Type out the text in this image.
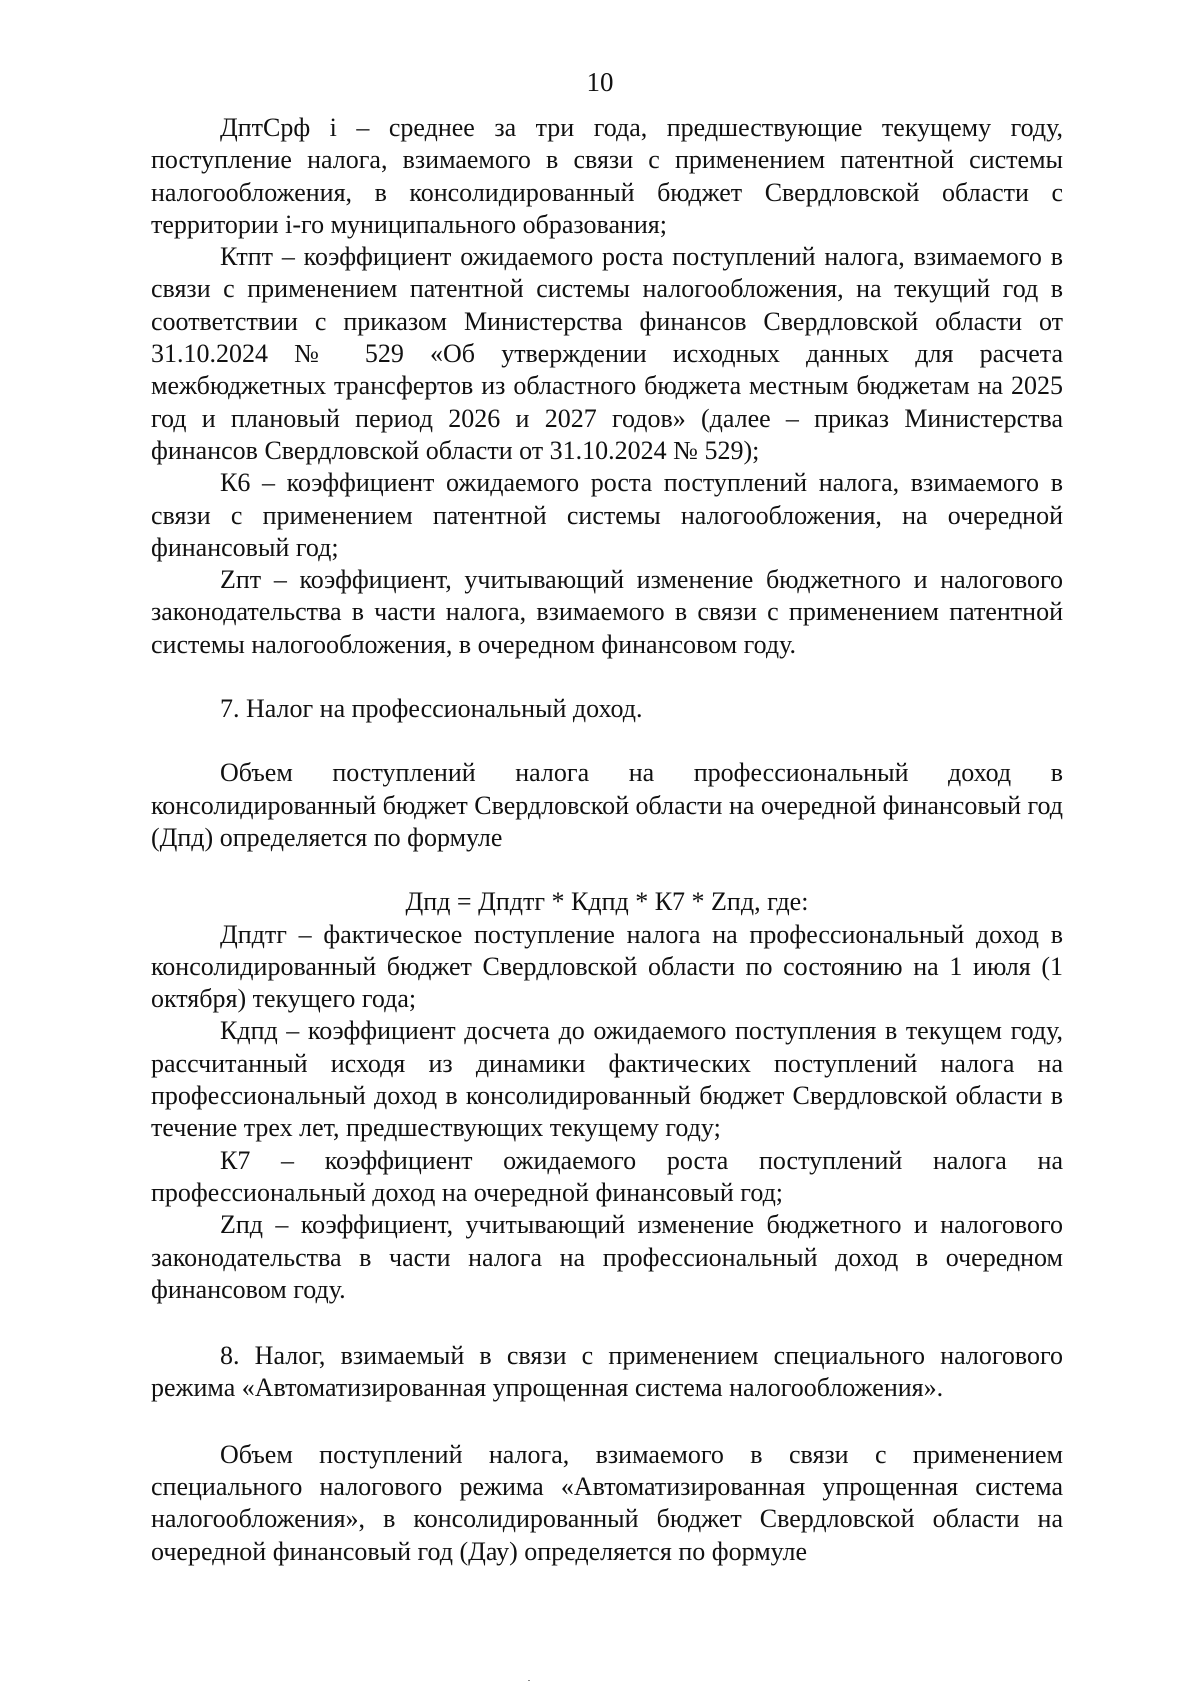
10

ДптСрф i – среднее за три года, предшествующие текущему году, поступление налога, взимаемого в связи с применением патентной системы налогообложения, в консолидированный бюджет Свердловской области с территории i-го муниципального образования;

Ктпт – коэффициент ожидаемого роста поступлений налога, взимаемого в связи с применением патентной системы налогообложения, на текущий год в соответствии с приказом Министерства финансов Свердловской области от 31.10.2024 № 529 «Об утверждении исходных данных для расчета межбюджетных трансфертов из областного бюджета местным бюджетам на 2025 год и плановый период 2026 и 2027 годов» (далее – приказ Министерства финансов Свердловской области от 31.10.2024 № 529);

К6 – коэффициент ожидаемого роста поступлений налога, взимаемого в связи с применением патентной системы налогообложения, на очередной финансовый год;

Zпт – коэффициент, учитывающий изменение бюджетного и налогового законодательства в части налога, взимаемого в связи с применением патентной системы налогообложения, в очередном финансовом году.

7. Налог на профессиональный доход.

Объем поступлений налога на профессиональный доход в консолидированный бюджет Свердловской области на очередной финансовый год (Дпд) определяется по формуле

Дпд = Дпдтг * Кдпд * К7 * Zпд, где:

Дпдтг – фактическое поступление налога на профессиональный доход в консолидированный бюджет Свердловской области по состоянию на 1 июля (1 октября) текущего года;

Кдпд – коэффициент досчета до ожидаемого поступления в текущем году, рассчитанный исходя из динамики фактических поступлений налога на профессиональный доход в консолидированный бюджет Свердловской области в течение трех лет, предшествующих текущему году;

К7 – коэффициент ожидаемого роста поступлений налога на профессиональный доход на очередной финансовый год;

Zпд – коэффициент, учитывающий изменение бюджетного и налогового законодательства в части налога на профессиональный доход в очередном финансовом году.

8. Налог, взимаемый в связи с применением специального налогового режима «Автоматизированная упрощенная система налогообложения».

Объем поступлений налога, взимаемого в связи с применением специального налогового режима «Автоматизированная упрощенная система налогообложения», в консолидированный бюджет Свердловской области на очередной финансовый год (Дау) определяется по формуле
